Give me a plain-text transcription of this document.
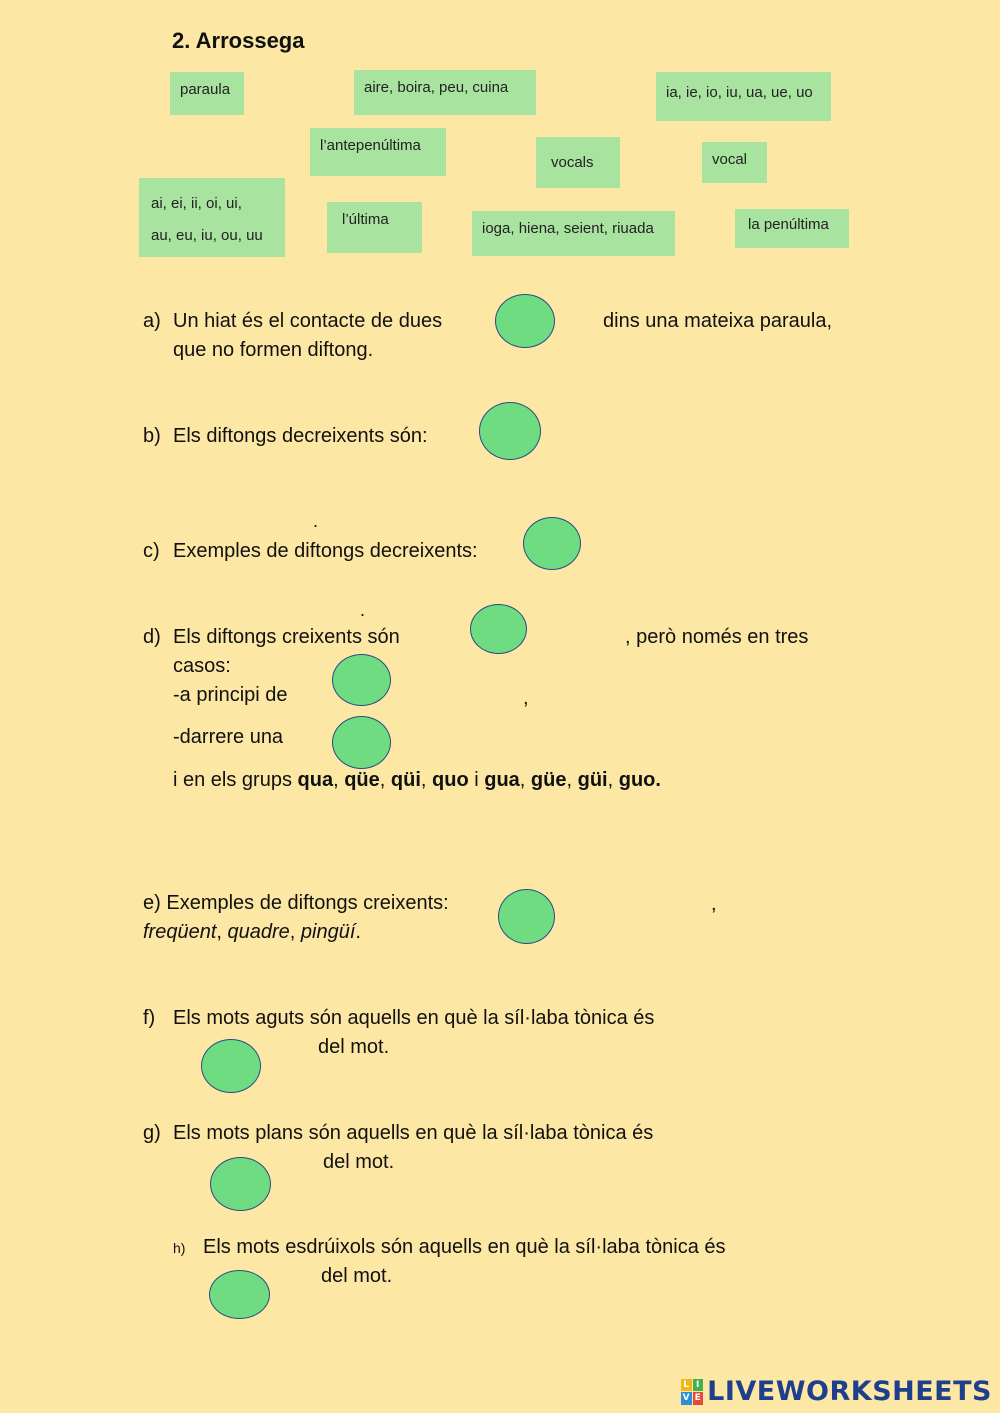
2. Arrossega
paraula	aire, boira, peu, cuina	ia, ie, io, iu, ua, ue, uo
l’antepenúltima
vocals	vocal
ai, ei, ii, oi, ui,
au, eu, iu, ou, uu
l’última
ioga, hiena, seient, riuada	la penúltima
a) Un hiat és el contacte de dues	dins una mateixa paraula,
que no formen diftong.
b) Els diftongs decreixents són:
.
c) Exemples de diftongs decreixents:
.
d) Els diftongs creixents són	, però només en tres
casos:
-a principi de	,
-darrere una
i en els grups qua, qüe, qüi, quo i gua, güe, güi, guo.
e) Exemples de diftongs creixents:	,
freqüent, quadre, pingüí.
f) Els mots aguts són aquells en què la síl·laba tònica és
del mot.
g) Els mots plans són aquells en què la síl·laba tònica és
del mot.
h) Els mots esdrúixols són aquells en què la síl·laba tònica és
del mot.
L I
V E LIVEWORKSHEETS
